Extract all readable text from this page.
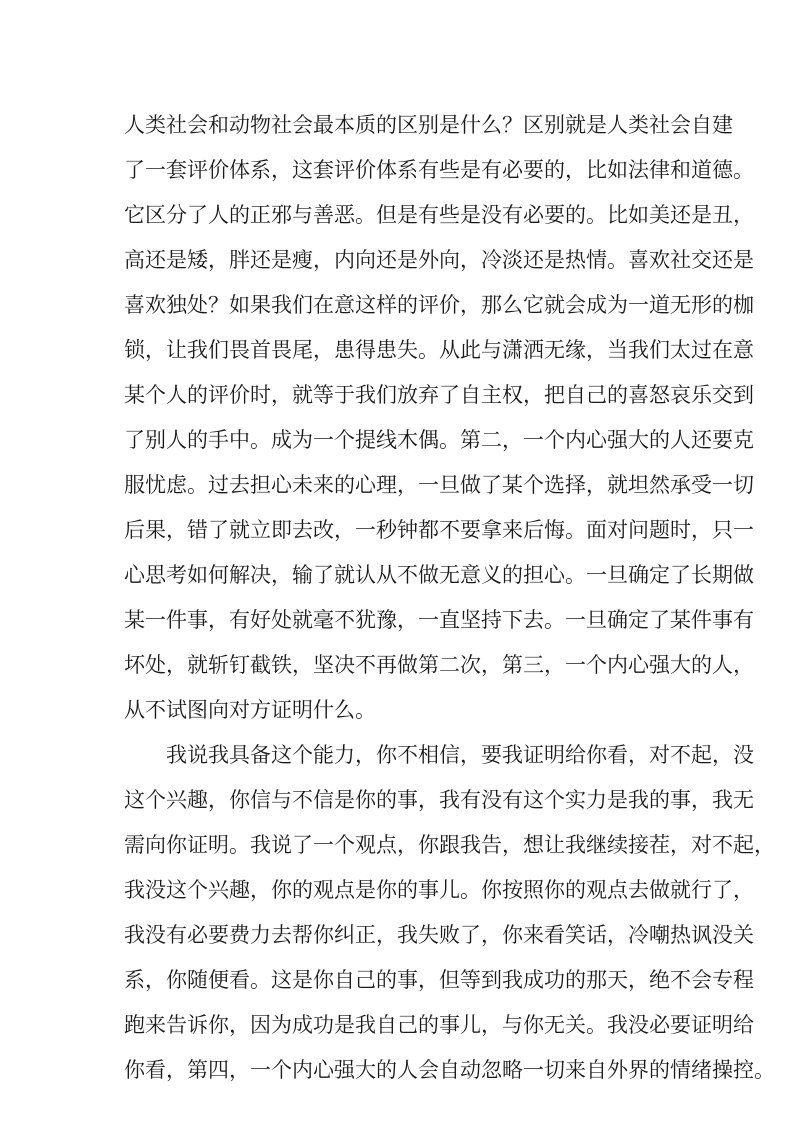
人类社会和动物社会最本质的区别是什么？区别就是人类社会自建
了一套评价体系，这套评价体系有些是有必要的，比如法律和道德。
它区分了人的正邪与善恶。但是有些是没有必要的。比如美还是丑，
高还是矮，胖还是瘦，内向还是外向，冷淡还是热情。喜欢社交还是
喜欢独处？如果我们在意这样的评价，那么它就会成为一道无形的枷
锁，让我们畏首畏尾，患得患失。从此与潇洒无缘，当我们太过在意
某个人的评价时，就等于我们放弃了自主权，把自己的喜怒哀乐交到
了别人的手中。成为一个提线木偶。第二，一个内心强大的人还要克
服忧虑。过去担心未来的心理，一旦做了某个选择，就坦然承受一切
后果，错了就立即去改，一秒钟都不要拿来后悔。面对问题时，只一
心思考如何解决，输了就认从不做无意义的担心。一旦确定了长期做
某一件事，有好处就毫不犹豫，一直坚持下去。一旦确定了某件事有
坏处，就斩钉截铁，坚决不再做第二次，第三，一个内心强大的人，
从不试图向对方证明什么。
我说我具备这个能力，你不相信，要我证明给你看，对不起，没
这个兴趣，你信与不信是你的事，我有没有这个实力是我的事，我无
需向你证明。我说了一个观点，你跟我告，想让我继续接茬，对不起，
我没这个兴趣，你的观点是你的事儿。你按照你的观点去做就行了，
我没有必要费力去帮你纠正，我失败了，你来看笑话，冷嘲热讽没关
系，你随便看。这是你自己的事，但等到我成功的那天，绝不会专程
跑来告诉你，因为成功是我自己的事儿，与你无关。我没必要证明给
你看，第四，一个内心强大的人会自动忽略一切来自外界的情绪操控。
